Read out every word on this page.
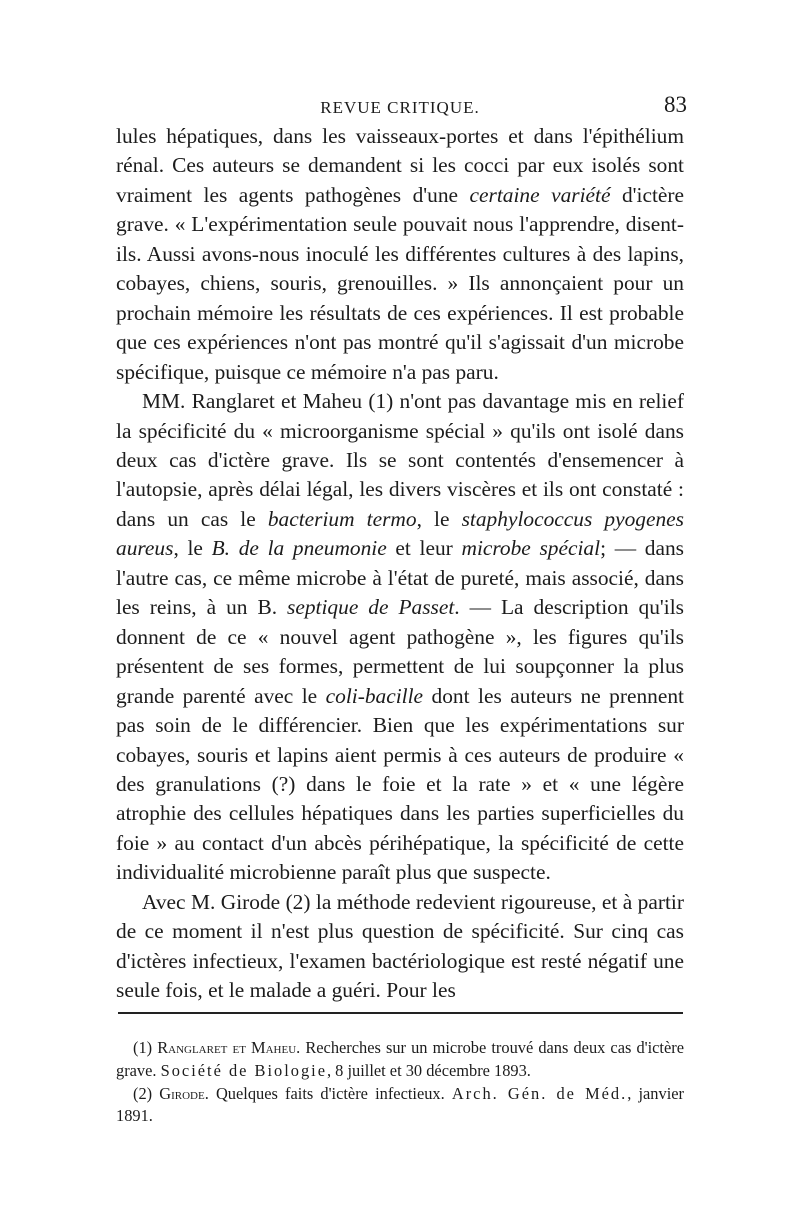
REVUE CRITIQUE.	83

lules hépatiques, dans les vaisseaux-portes et dans l'épithélium rénal. Ces auteurs se demandent si les cocci par eux isolés sont vraiment les agents pathogènes d'une certaine variété d'ictère grave. « L'expérimentation seule pouvait nous l'apprendre, disent-ils. Aussi avons-nous inoculé les différentes cultures à des lapins, cobayes, chiens, souris, grenouilles. » Ils annonçaient pour un prochain mémoire les résultats de ces expériences. Il est probable que ces expériences n'ont pas montré qu'il s'agissait d'un microbe spécifique, puisque ce mémoire n'a pas paru.

MM. Ranglaret et Maheu (1) n'ont pas davantage mis en relief la spécificité du « microorganisme spécial » qu'ils ont isolé dans deux cas d'ictère grave. Ils se sont contentés d'ensemencer à l'autopsie, après délai légal, les divers viscères et ils ont constaté : dans un cas le bacterium termo, le staphylococcus pyogenes aureus, le B. de la pneumonie et leur microbe spécial; — dans l'autre cas, ce même microbe à l'état de pureté, mais associé, dans les reins, à un B. septique de Passet. — La description qu'ils donnent de ce « nouvel agent pathogène », les figures qu'ils présentent de ses formes, permettent de lui soupçonner la plus grande parenté avec le coli-bacille dont les auteurs ne prennent pas soin de le différencier. Bien que les expérimentations sur cobayes, souris et lapins aient permis à ces auteurs de produire « des granulations (?) dans le foie et la rate » et « une légère atrophie des cellules hépatiques dans les parties superficielles du foie » au contact d'un abcès périhépatique, la spécificité de cette individualité microbienne paraît plus que suspecte.

Avec M. Girode (2) la méthode redevient rigoureuse, et à partir de ce moment il n'est plus question de spécificité. Sur cinq cas d'ictères infectieux, l'examen bactériologique est resté négatif une seule fois, et le malade a guéri. Pour les

(1) Ranglaret et Maheu. Recherches sur un microbe trouvé dans deux cas d'ictère grave. Société de Biologie, 8 juillet et 30 décembre 1893.

(2) Girode. Quelques faits d'ictère infectieux. Arch. Gén. de Méd., janvier 1891.
